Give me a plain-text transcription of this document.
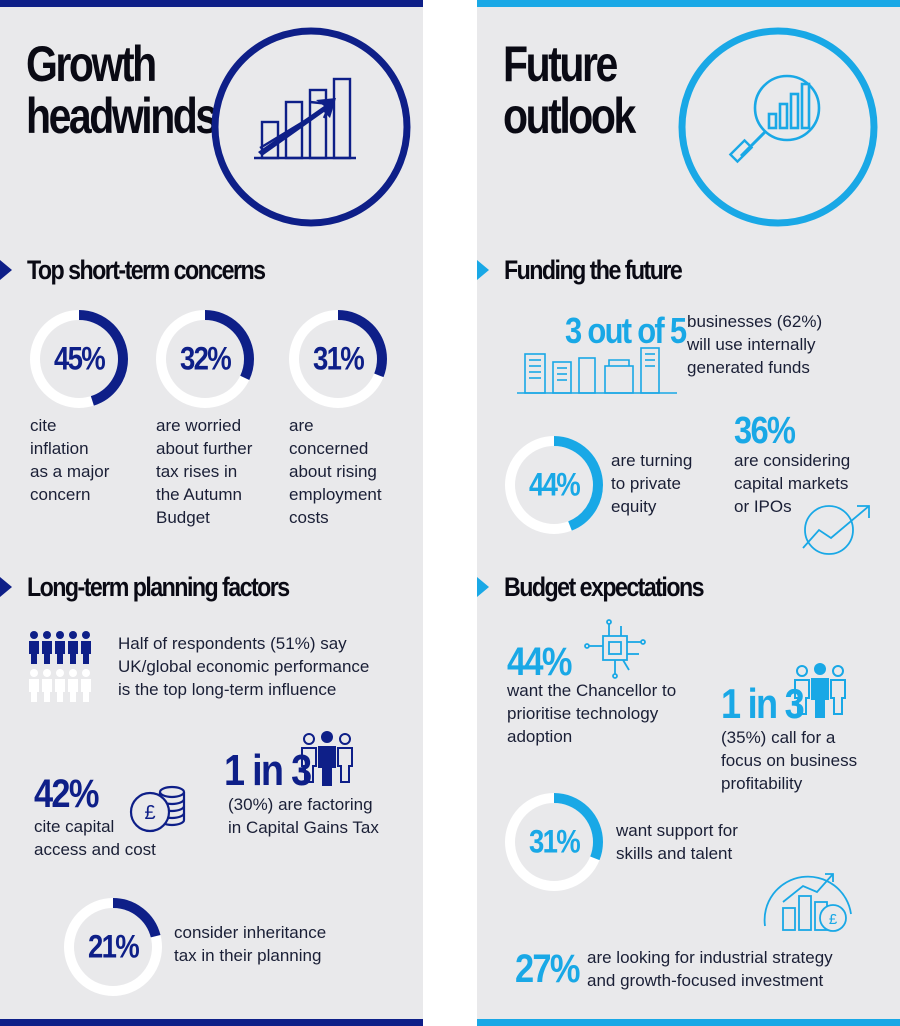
Growth
headwinds
Top short-term concerns
45%
cite
inflation
as a major
concern
32%
are worried
about further
tax rises in
the Autumn
Budget
31%
are
concerned
about rising
employment
costs
Long-term planning factors
Half of respondents (51%) say
UK/global economic performance
is the top long-term influence
42%
cite capital
access and cost
£
1 in 3
(30%) are factoring
in Capital Gains Tax
21%	consider inheritance
tax in their planning
Future
outlook
Funding the future
3 out of 5 businesses (62%)
will use internally
generated funds
44%
are turning
to private
equity
36%
are considering
capital markets
or IPOs
Budget expectations
44%
want the Chancellor to
prioritise technology
adoption
1 in 3
(35%) call for a
focus on business
profitability
31%	want support for
skills and talent
£
27% are looking for industrial strategy
and growth-focused investment
